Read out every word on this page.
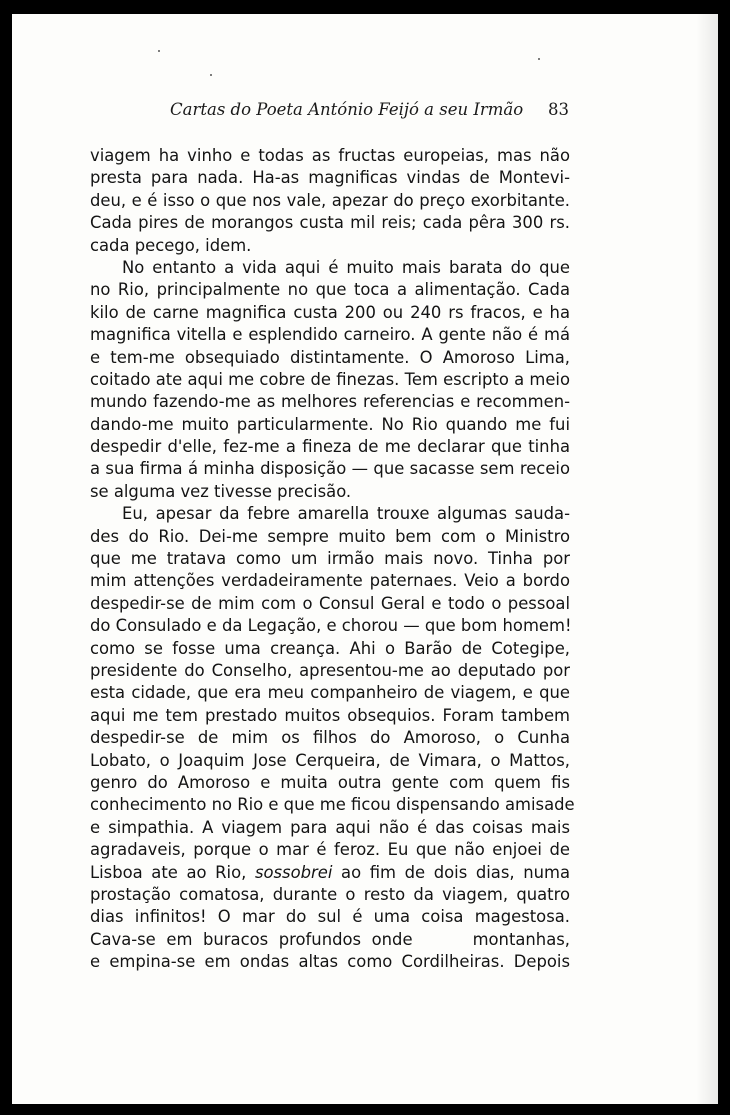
Cartas do Poeta António Feijó a seu Irmão 83
viagem ha vinho e todas as fructas europeias, mas não
presta para nada. Ha-as magnificas vindas de Montevi-
deu, e é isso o que nos vale, apezar do preço exorbitante.
Cada pires de morangos custa mil reis; cada pêra 300 rs.
cada pecego, idem.
No entanto a vida aqui é muito mais barata do que
no Rio, principalmente no que toca a alimentação. Cada
kilo de carne magnifica custa 200 ou 240 rs fracos, e ha
magnifica vitella e esplendido carneiro. A gente não é má
e tem-me obsequiado distintamente. O Amoroso Lima,
coitado ate aqui me cobre de finezas. Tem escripto a meio
mundo fazendo-me as melhores referencias e recommen-
dando-me muito particularmente. No Rio quando me fui
despedir d'elle, fez-me a fineza de me declarar que tinha
a sua firma á minha disposição — que sacasse sem receio
se alguma vez tivesse precisão.
Eu, apesar da febre amarella trouxe algumas sauda-
des do Rio. Dei-me sempre muito bem com o Ministro
que me tratava como um irmão mais novo. Tinha por
mim attenções verdadeiramente paternaes. Veio a bordo
despedir-se de mim com o Consul Geral e todo o pessoal
do Consulado e da Legação, e chorou — que bom homem!
como se fosse uma creança. Ahi o Barão de Cotegipe,
presidente do Conselho, apresentou-me ao deputado por
esta cidade, que era meu companheiro de viagem, e que
aqui me tem prestado muitos obsequios. Foram tambem
despedir-se de mim os filhos do Amoroso, o Cunha
Lobato, o Joaquim Jose Cerqueira, de Vimara, o Mattos,
genro do Amoroso e muita outra gente com quem fis
conhecimento no Rio e que me ficou dispensando amisade
e simpathia. A viagem para aqui não é das coisas mais
agradaveis, porque o mar é feroz. Eu que não enjoei de
Lisboa ate ao Rio, sossobrei ao fim de dois dias, numa
prostação comatosa, durante o resto da viagem, quatro
dias infinitos! O mar do sul é uma coisa magestosa.
Cava-se em buracos profundos onde	montanhas,
e empina-se em ondas altas como Cordilheiras. Depois
